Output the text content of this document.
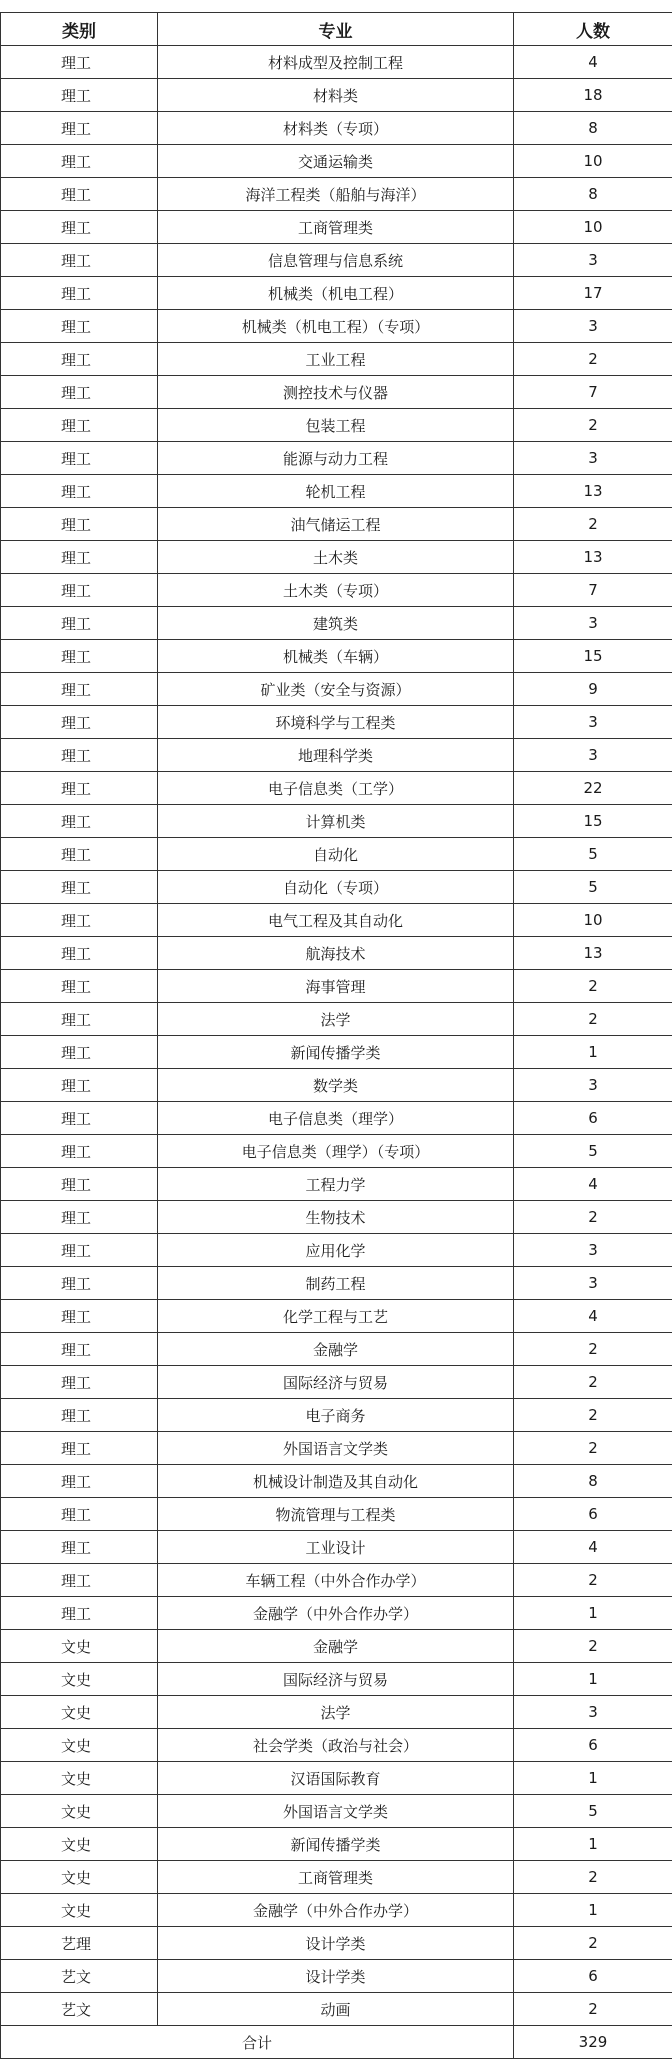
类别	专业	人数
理工	材料成型及控制工程	4
理工	材料类	18
理工	材料类（专项）	8
理工	交通运输类	10
理工	海洋工程类（船舶与海洋）	8
理工	工商管理类	10
理工	信息管理与信息系统	3
理工	机械类（机电工程）	17
理工	机械类（机电工程）（专项）	3
理工	工业工程	2
理工	测控技术与仪器	7
理工	包装工程	2
理工	能源与动力工程	3
理工	轮机工程	13
理工	油气储运工程	2
理工	土木类	13
理工	土木类（专项）	7
理工	建筑类	3
理工	机械类（车辆）	15
理工	矿业类（安全与资源）	9
理工	环境科学与工程类	3
理工	地理科学类	3
理工	电子信息类（工学）	22
理工	计算机类	15
理工	自动化	5
理工	自动化（专项）	5
理工	电气工程及其自动化	10
理工	航海技术	13
理工	海事管理	2
理工	法学	2
理工	新闻传播学类	1
理工	数学类	3
理工	电子信息类（理学）	6
理工	电子信息类（理学）（专项）	5
理工	工程力学	4
理工	生物技术	2
理工	应用化学	3
理工	制药工程	3
理工	化学工程与工艺	4
理工	金融学	2
理工	国际经济与贸易	2
理工	电子商务	2
理工	外国语言文学类	2
理工	机械设计制造及其自动化	8
理工	物流管理与工程类	6
理工	工业设计	4
理工	车辆工程（中外合作办学）	2
理工	金融学（中外合作办学）	1
文史	金融学	2
文史	国际经济与贸易	1
文史	法学	3
文史	社会学类（政治与社会）	6
文史	汉语国际教育	1
文史	外国语言文学类	5
文史	新闻传播学类	1
文史	工商管理类	2
文史	金融学（中外合作办学）	1
艺理	设计学类	2
艺文	设计学类	6
艺文	动画	2
合计		329
